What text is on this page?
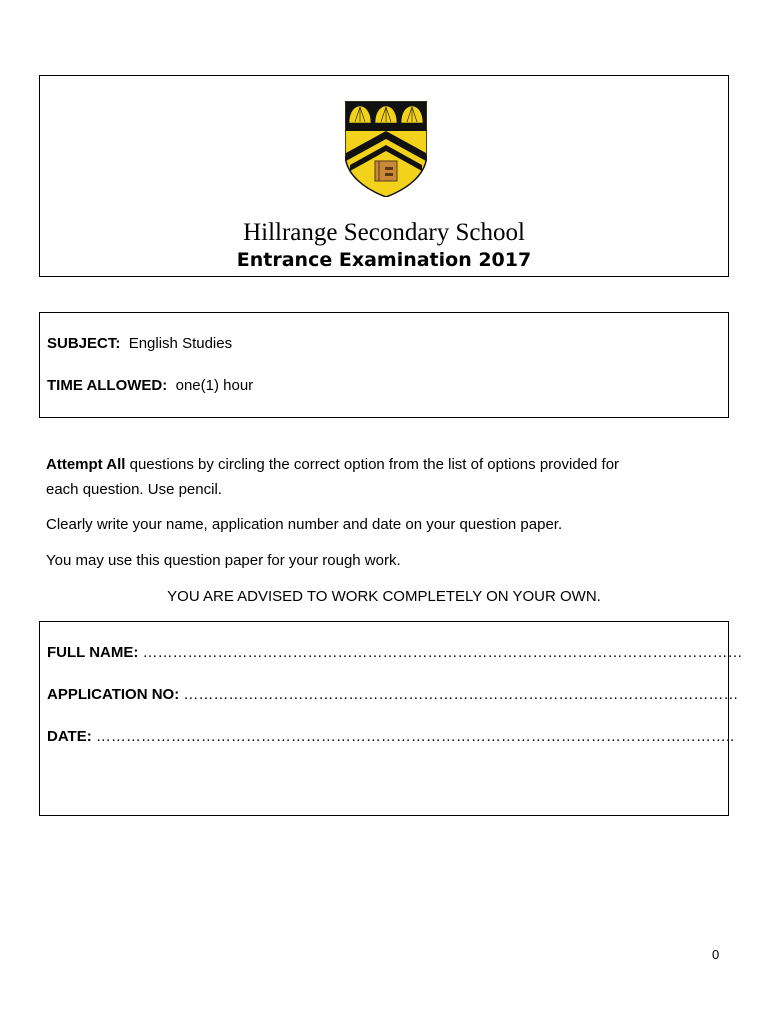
Hillrange Secondary School
Entrance Examination 2017
SUBJECT: English Studies
TIME ALLOWED: one(1) hour
Attempt All questions by circling the correct option from the list of options provided for
each question. Use pencil.
Clearly write your name, application number and date on your question paper.
You may use this question paper for your rough work.
YOU ARE ADVISED TO WORK COMPLETELY ON YOUR OWN.
FULL NAME: …………………………………………………………………………………………………………
APPLICATION NO: …………………………………………………………………………………………………
DATE: ………………………………………………………………………………………………………………..
0
